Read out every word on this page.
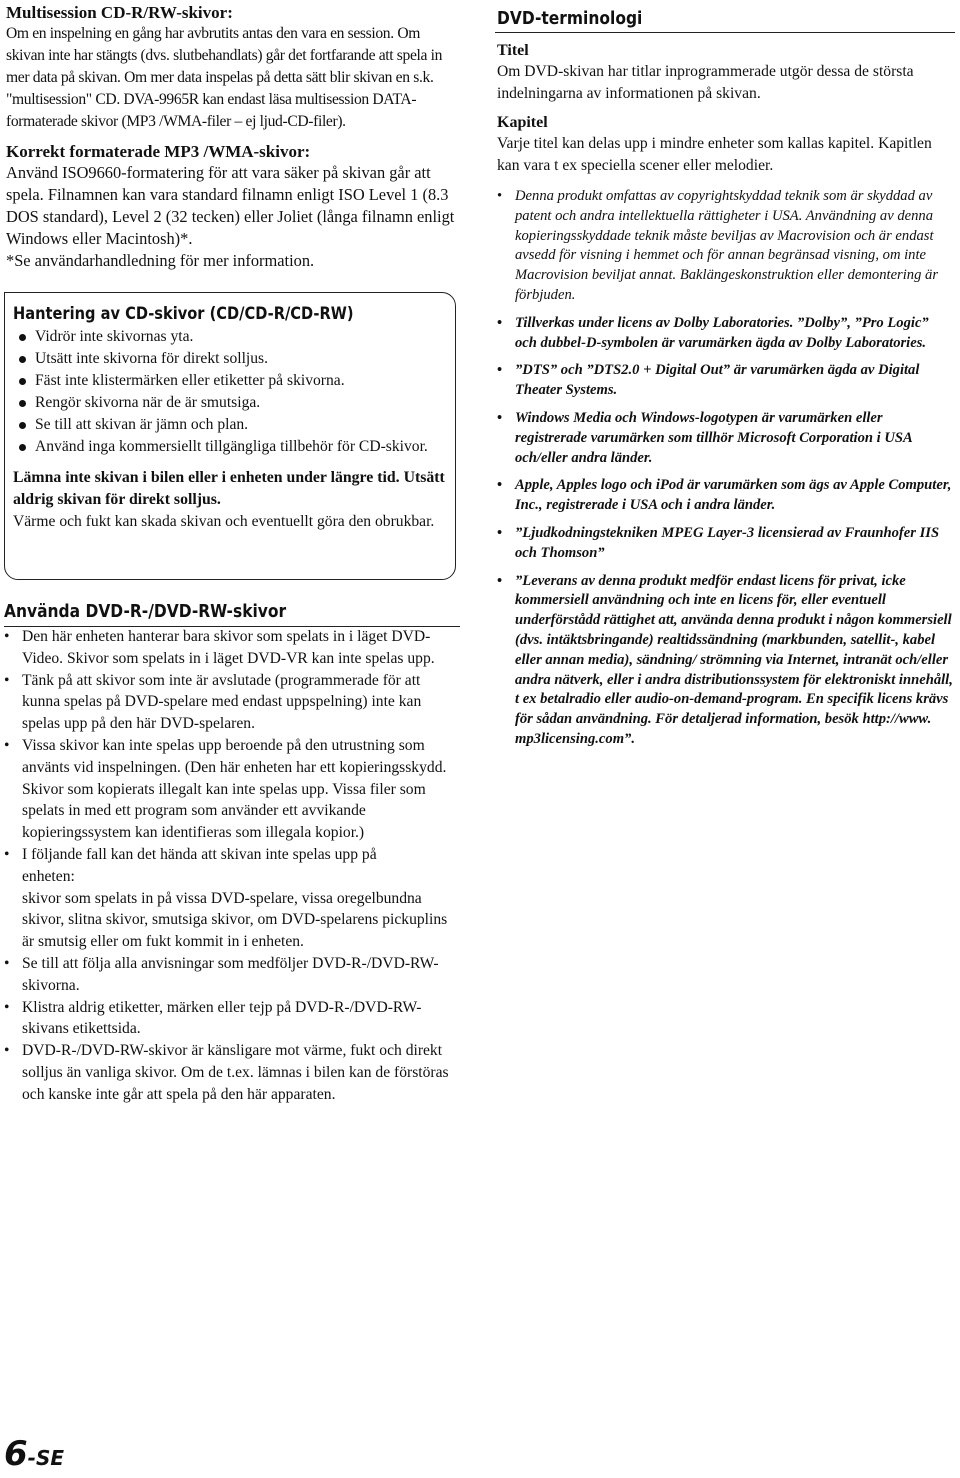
Multisession CD-R/RW-skivor:

Om en inspelning en gång har avbrutits antas den vara en session. Om skivan inte har stängts (dvs. slutbehandlats) går det fortfarande att spela in mer data på skivan. Om mer data inspelas på detta sätt blir skivan en s.k. "multisession" CD. DVA-9965R kan endast läsa multisession DATA-formaterade skivor (MP3 /WMA-filer – ej ljud-CD-filer).

Korrekt formaterade MP3 /WMA-skivor:

Använd ISO9660-formatering för att vara säker på skivan går att spela. Filnamnen kan vara standard filnamn enligt ISO Level 1 (8.3 DOS standard), Level 2 (32 tecken) eller Joliet (långa filnamn enligt Windows eller Macintosh)*.

*Se användarhandledning för mer information.

Hantering av CD-skivor (CD/CD-R/CD-RW)
Vidrör inte skivornas yta.
Utsätt inte skivorna för direkt solljus.
Fäst inte klistermärken eller etiketter på skivorna.
Rengör skivorna när de är smutsiga.
Se till att skivan är jämn och plan.
Använd inga kommersiellt tillgängliga tillbehör för CD-skivor.

Lämna inte skivan i bilen eller i enheten under längre tid. Utsätt aldrig skivan för direkt solljus.

Värme och fukt kan skada skivan och eventuellt göra den obrukbar.

Använda DVD-R-/DVD-RW-skivor
• Den här enheten hanterar bara skivor som spelats in i läget DVD-Video. Skivor som spelats in i läget DVD-VR kan inte spelas upp.
• Tänk på att skivor som inte är avslutade (programmerade för att kunna spelas på DVD-spelare med endast uppspelning) inte kan spelas upp på den här DVD-spelaren.
• Vissa skivor kan inte spelas upp beroende på den utrustning som använts vid inspelningen. (Den här enheten har ett kopieringsskydd. Skivor som kopierats illegalt kan inte spelas upp. Vissa filer som spelats in med ett program som använder ett avvikande kopieringssystem kan identifieras som illegala kopior.)
• I följande fall kan det hända att skivan inte spelas upp på enheten:
skivor som spelats in på vissa DVD-spelare, vissa oregelbundna skivor, slitna skivor, smutsiga skivor, om DVD-spelarens pickuplins är smutsig eller om fukt kommit in i enheten.
• Se till att följa alla anvisningar som medföljer DVD-R-/DVD-RW-skivorna.
• Klistra aldrig etiketter, märken eller tejp på DVD-R-/DVD-RW-skivans etikettsida.
• DVD-R-/DVD-RW-skivor är känsligare mot värme, fukt och direkt solljus än vanliga skivor. Om de t.ex. lämnas i bilen kan de förstöras och kanske inte går att spela på den här apparaten.
DVD-terminologi

Titel

Om DVD-skivan har titlar inprogrammerade utgör dessa de största indelningarna av informationen på skivan.

Kapitel

Varje titel kan delas upp i mindre enheter som kallas kapitel. Kapitlen kan vara t ex speciella scener eller melodier.

• Denna produkt omfattas av copyrightskyddad teknik som är skyddad av patent och andra intellektuella rättigheter i USA. Användning av denna kopieringsskyddade teknik måste beviljas av Macrovision och är endast avsedd för visning i hemmet och för annan begränsad visning, om inte Macrovision beviljat annat. Baklängeskonstruktion eller demontering är förbjuden.
• Tillverkas under licens av Dolby Laboratories. ”Dolby”, ”Pro Logic” och dubbel-D-symbolen är varumärken ägda av Dolby Laboratories.
• ”DTS” och ”DTS2.0 + Digital Out” är varumärken ägda av Digital Theater Systems.
• Windows Media och Windows-logotypen är varumärken eller registrerade varumärken som tillhör Microsoft Corporation i USA och/eller andra länder.
• Apple, Apples logo och iPod är varumärken som ägs av Apple Computer, Inc., registrerade i USA och i andra länder.
• ”Ljudkodningstekniken MPEG Layer-3 licensierad av Fraunhofer IIS och Thomson”
• ”Leverans av denna produkt medför endast licens för privat, icke kommersiell användning och inte en licens för, eller eventuell underförstådd rättighet att, använda denna produkt i någon kommersiell (dvs. intäktsbringande) realtidssändning (markbunden, satellit-, kabel eller annan media), sändning/ strömning via Internet, intranät och/eller andra nätverk, eller i andra distributionssystem för elektroniskt innehåll, t ex betalradio eller audio-on-demand-program. En specifik licens krävs för sådan användning. För detaljerad information, besök http://www. mp3licensing.com”.
6-SE
